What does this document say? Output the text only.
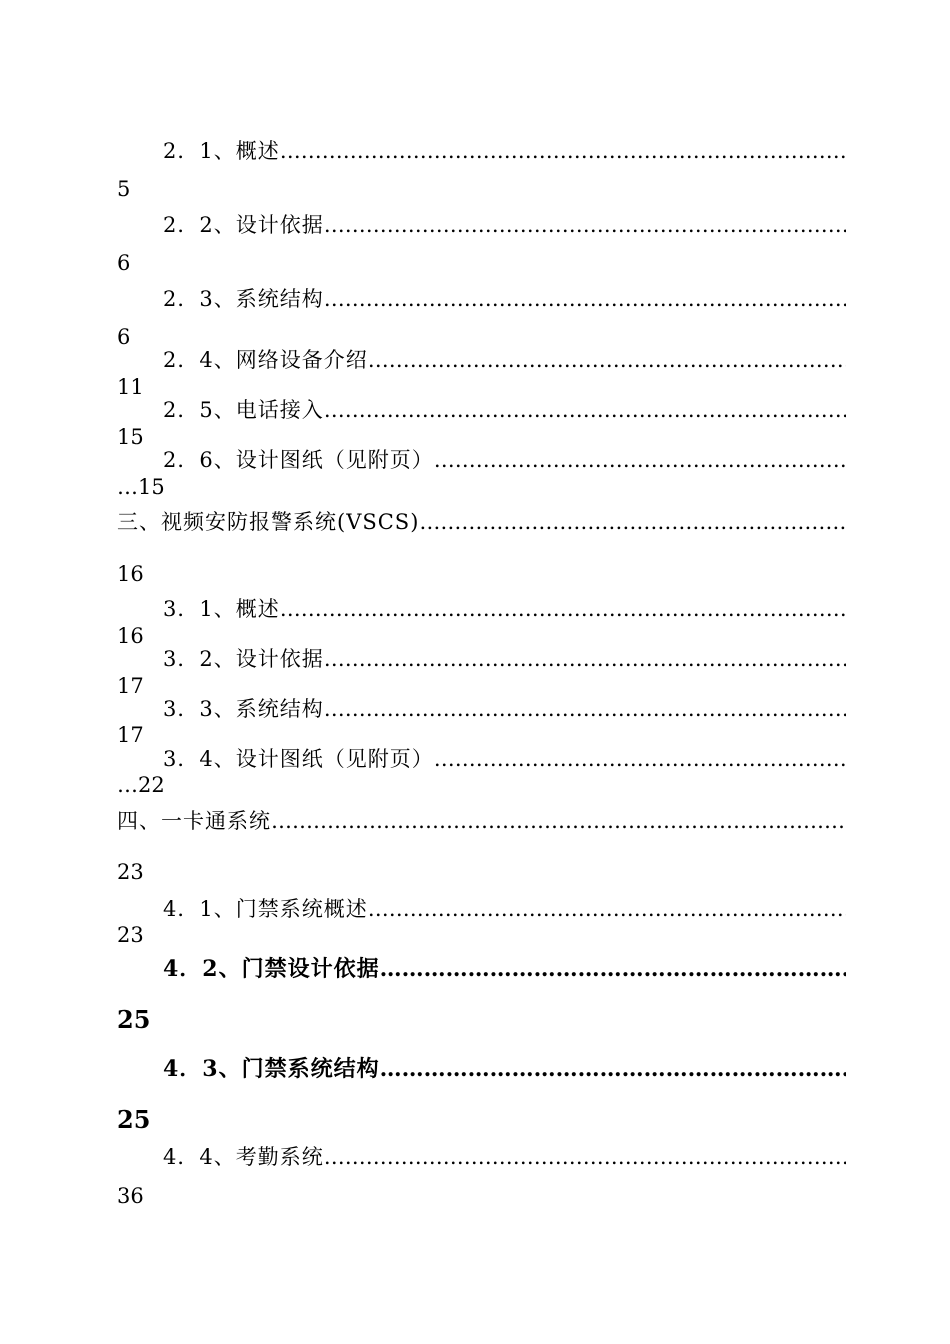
2．1、概述 ……………………………………………………………………………………………………………………
5
2．2、设计依据 ……………………………………………………………………………………………………………………
6
2．3、系统结构 ……………………………………………………………………………………………………………………
6
2．4、网络设备介绍 ……………………………………………………………………………………………………………………
11
2．5、电话接入 ……………………………………………………………………………………………………………………
15
2．6、设计图纸（见附页） ……………………………………………………………………………………………………………………
…15
三、视频安防报警系统(VSCS) ……………………………………………………………………………………………………………………
16
3．1、概述 ……………………………………………………………………………………………………………………
16
3．2、设计依据 ……………………………………………………………………………………………………………………
17
3．3、系统结构 ……………………………………………………………………………………………………………………
17
3．4、设计图纸（见附页） ……………………………………………………………………………………………………………………
…22
四、一卡通系统 ……………………………………………………………………………………………………………………
23
4．1、门禁系统概述 ……………………………………………………………………………………………………………………
23
4．2、门禁设计依据 ……………………………………………………………………………………………………………………
25
4．3、门禁系统结构 ……………………………………………………………………………………………………………………
25
4．4、考勤系统 ……………………………………………………………………………………………………………………
36
